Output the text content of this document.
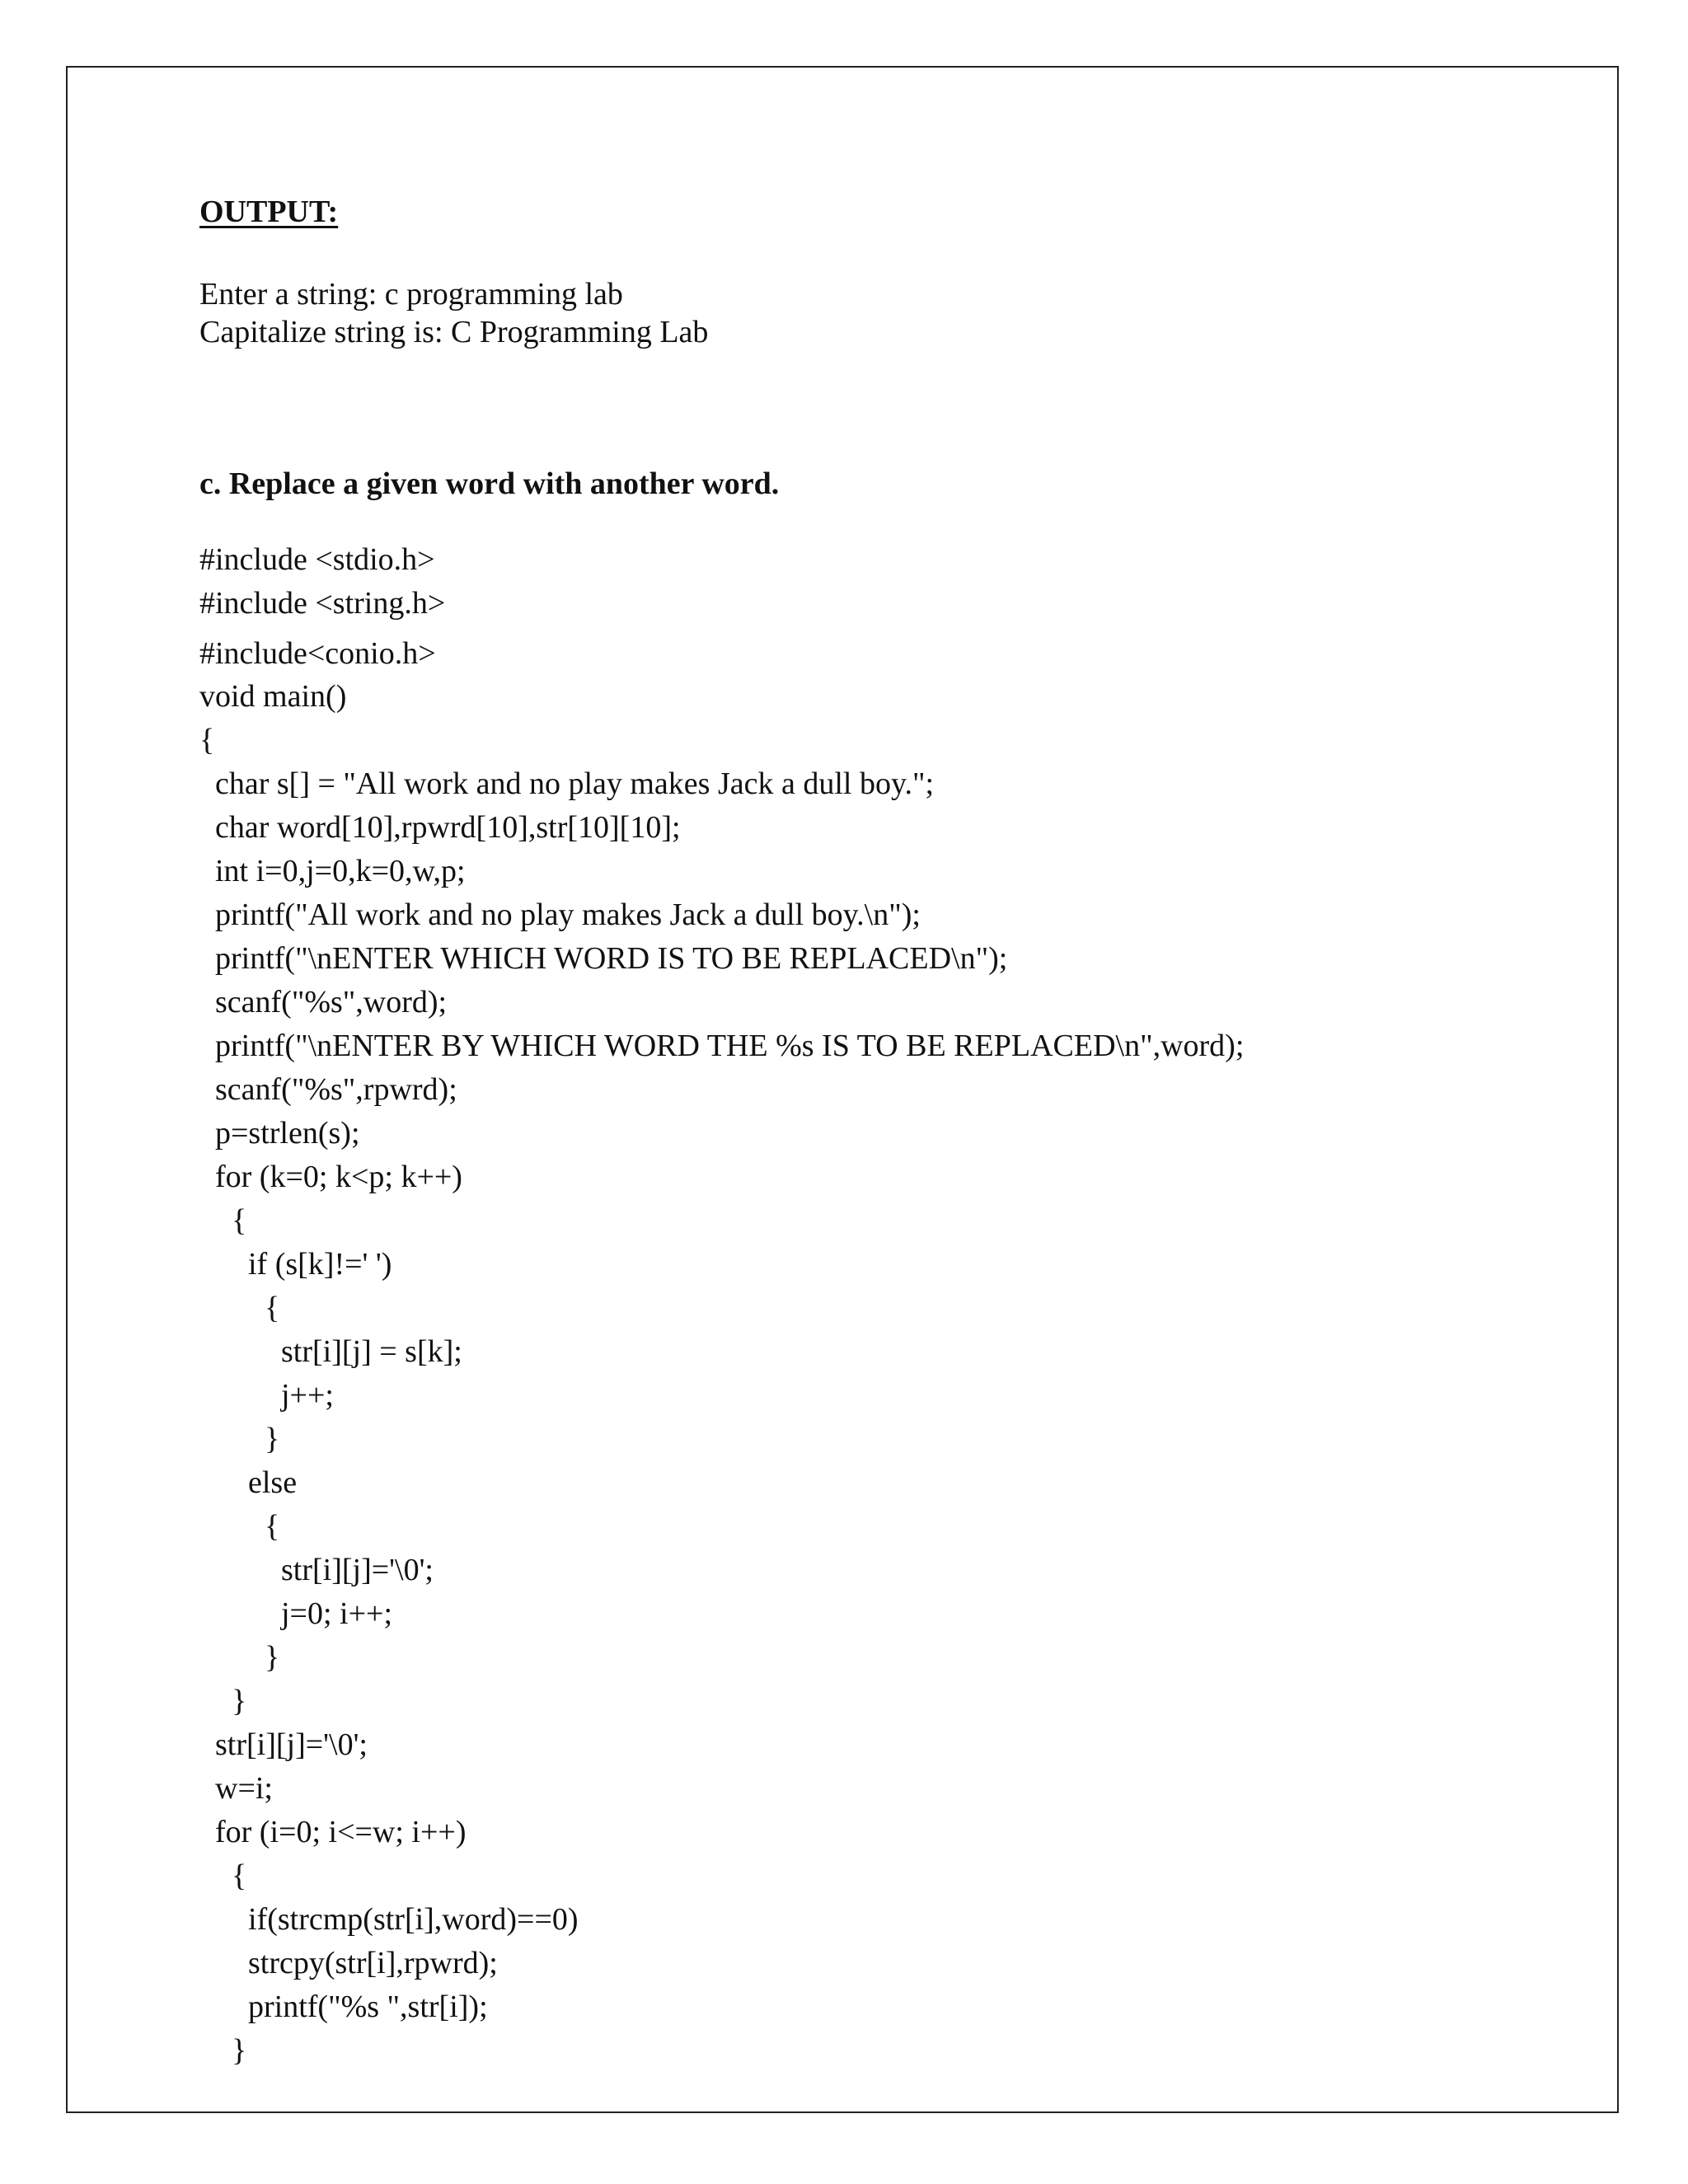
OUTPUT:
Enter a string: c programming lab
Capitalize string is: C Programming Lab
c. Replace a given word with another word.
#include <stdio.h>
#include <string.h>
#include<conio.h>
void main()
{
char s[] = "All work and no play makes Jack a dull boy.";
char word[10],rpwrd[10],str[10][10];
int i=0,j=0,k=0,w,p;
printf("All work and no play makes Jack a dull boy.\n");
printf("\nENTER WHICH WORD IS TO BE REPLACED\n");
scanf("%s",word);
printf("\nENTER BY WHICH WORD THE %s IS TO BE REPLACED\n",word);
scanf("%s",rpwrd);
p=strlen(s);
for (k=0; k<p; k++)
{
if (s[k]!=' ')
{
str[i][j] = s[k];
j++;
}
else
{
str[i][j]='\0';
j=0; i++;
}
}
str[i][j]='\0';
w=i;
for (i=0; i<=w; i++)
{
if(strcmp(str[i],word)==0)
strcpy(str[i],rpwrd);
printf("%s ",str[i]);
}
